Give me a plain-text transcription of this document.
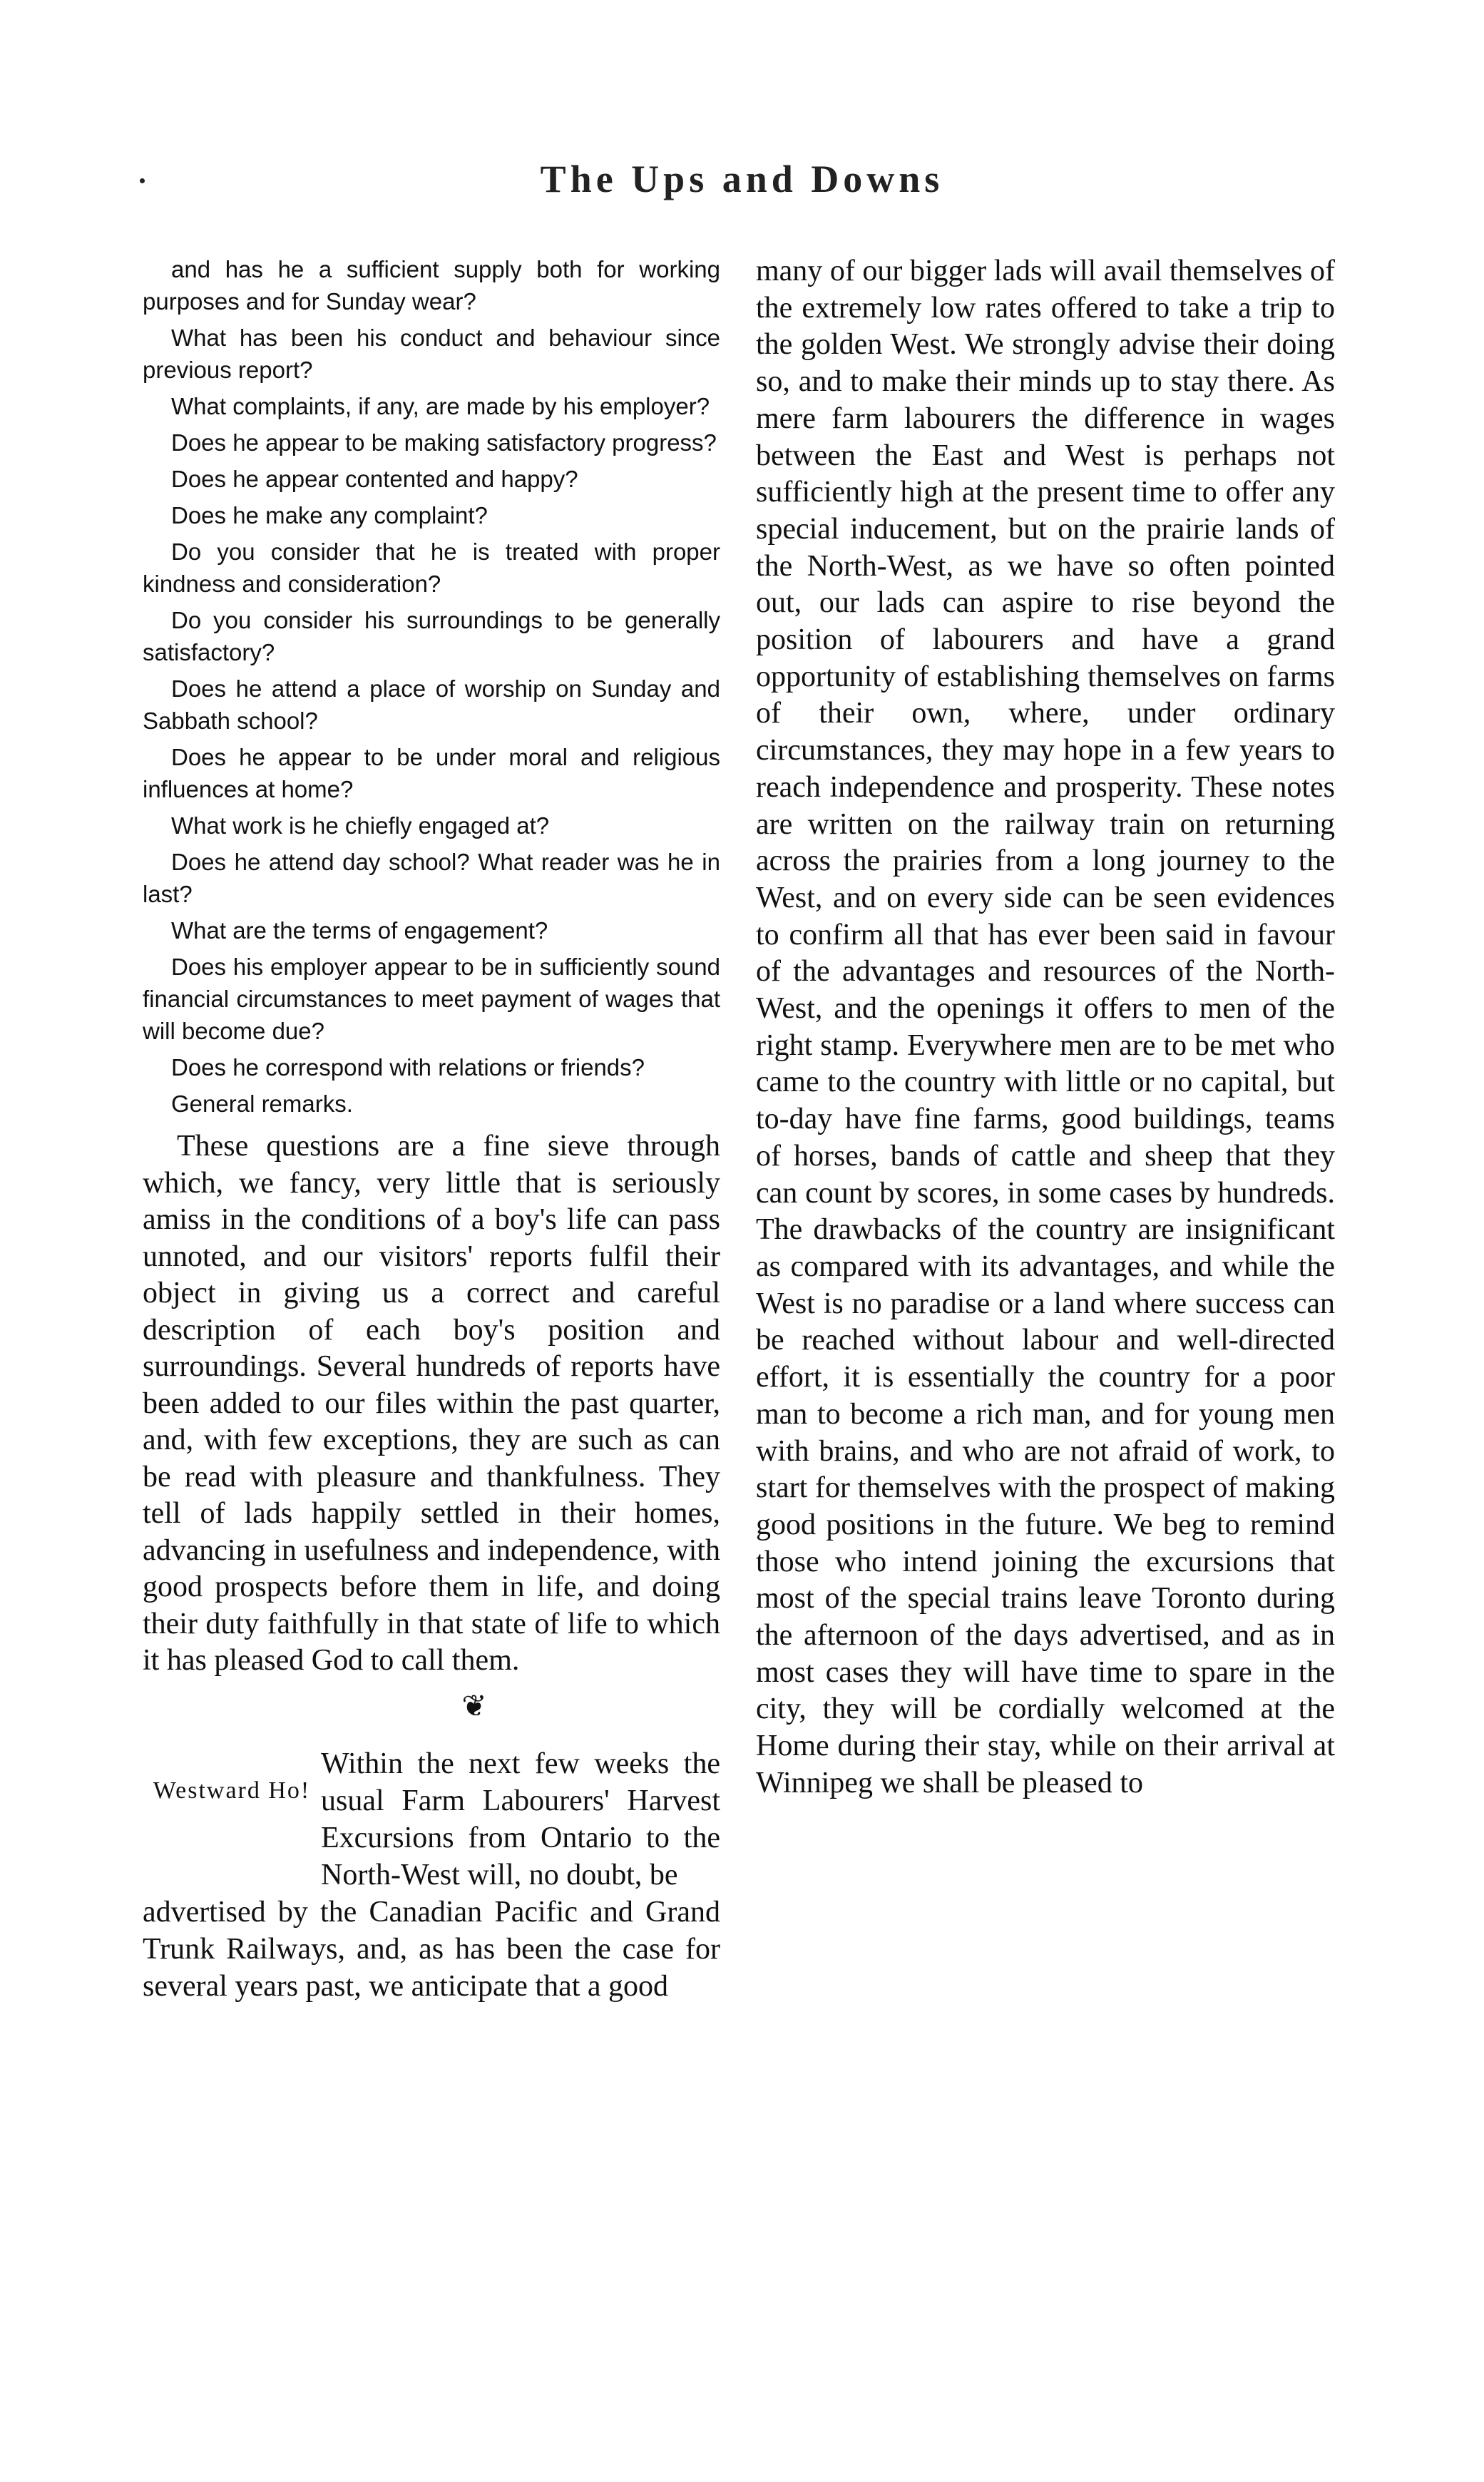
The Ups and Downs
and has he a sufficient supply both for working purposes and for Sunday wear?
What has been his conduct and behaviour since previous report?
What complaints, if any, are made by his employer?
Does he appear to be making satisfactory progress?
Does he appear contented and happy?
Does he make any complaint?
Do you consider that he is treated with proper kindness and consideration?
Do you consider his surroundings to be generally satisfactory?
Does he attend a place of worship on Sunday and Sabbath school?
Does he appear to be under moral and religious influences at home?
What work is he chiefly engaged at?
Does he attend day school? What reader was he in last?
What are the terms of engagement?
Does his employer appear to be in sufficiently sound financial circumstances to meet payment of wages that will become due?
Does he correspond with relations or friends?
General remarks.

These questions are a fine sieve through which, we fancy, very little that is seriously amiss in the conditions of a boy's life can pass unnoted, and our visitors' reports fulfil their object in giving us a correct and careful description of each boy's position and surroundings. Several hundreds of reports have been added to our files within the past quarter, and, with few exceptions, they are such as can be read with pleasure and thankfulness. They tell of lads happily settled in their homes, advancing in usefulness and independence, with good prospects before them in life, and doing their duty faithfully in that state of life to which it has pleased God to call them.

❦
Westward Ho!
Within the next few weeks the usual Farm Labourers' Harvest Excursions from Ontario to the North-West will, no doubt, be

advertised by the Canadian Pacific and Grand Trunk Railways, and, as has been the case for several years past, we anticipate that a good

many of our bigger lads will avail themselves of the extremely low rates offered to take a trip to the golden West. We strongly advise their doing so, and to make their minds up to stay there. As mere farm labourers the difference in wages between the East and West is perhaps not sufficiently high at the present time to offer any special inducement, but on the prairie lands of the North-West, as we have so often pointed out, our lads can aspire to rise beyond the position of labourers and have a grand opportunity of establishing themselves on farms of their own, where, under ordinary circumstances, they may hope in a few years to reach independence and prosperity. These notes are written on the railway train on returning across the prairies from a long journey to the West, and on every side can be seen evidences to confirm all that has ever been said in favour of the advantages and resources of the North-West, and the openings it offers to men of the right stamp. Everywhere men are to be met who came to the country with little or no capital, but to-day have fine farms, good buildings, teams of horses, bands of cattle and sheep that they can count by scores, in some cases by hundreds. The drawbacks of the country are insignificant as compared with its advantages, and while the West is no paradise or a land where success can be reached without labour and well-directed effort, it is essentially the country for a poor man to become a rich man, and for young men with brains, and who are not afraid of work, to start for themselves with the prospect of making good positions in the future. We beg to remind those who intend joining the excursions that most of the special trains leave Toronto during the afternoon of the days advertised, and as in most cases they will have time to spare in the city, they will be cordially welcomed at the Home during their stay, while on their arrival at Winnipeg we shall be pleased to
